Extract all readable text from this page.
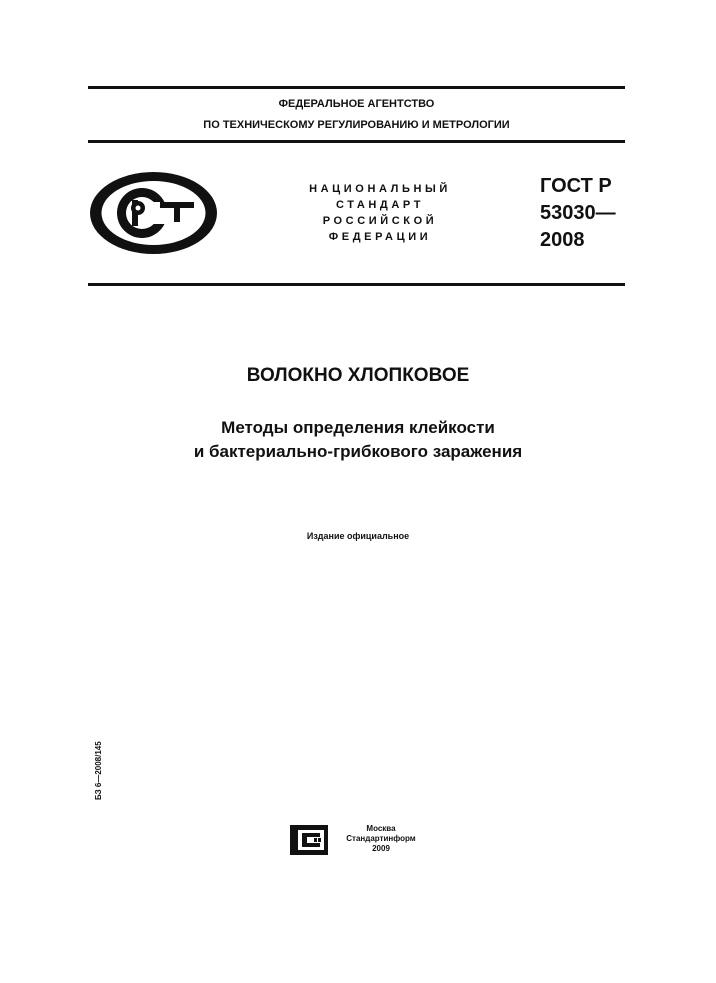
ФЕДЕРАЛЬНОЕ АГЕНТСТВО
ПО ТЕХНИЧЕСКОМУ РЕГУЛИРОВАНИЮ И МЕТРОЛОГИИ
НАЦИОНАЛЬНЫЙ
СТАНДАРТ
РОССИЙСКОЙ
ФЕДЕРАЦИИ
ГОСТ Р
53030—
2008
ВОЛОКНО ХЛОПКОВОЕ
Методы определения клейкости
и бактериально-грибкового заражения
Издание официальное
БЗ 6—2008/145
Москва
Стандартинформ
2009
